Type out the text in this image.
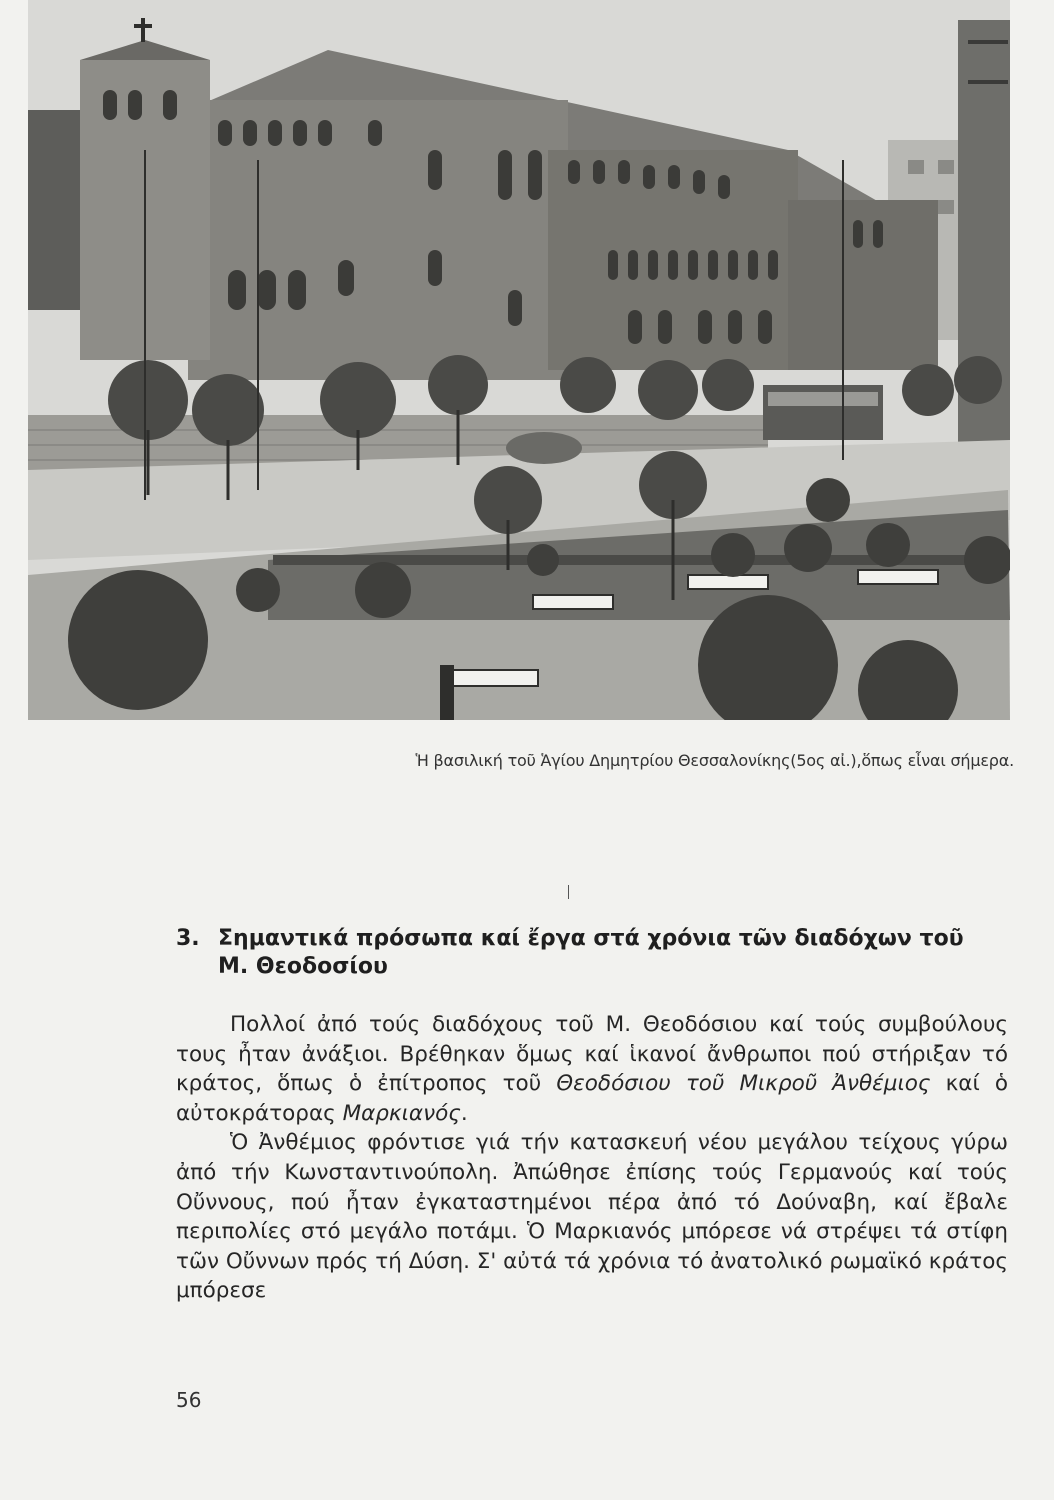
Ἡ βασιλική τοῦ Ἁγίου Δημητρίου Θεσσαλονίκης(5ος αἰ.),ὅπως εἶναι σήμερα.
3. Σημαντικά πρόσωπα καί ἔργα στά χρόνια τῶν διαδόχων τοῦ
Μ. Θεοδοσίου

Πολλοί ἀπό τούς διαδόχους τοῦ Μ. Θεοδόσιου καί τούς συμβούλους τους ἦταν ἀνάξιοι. Βρέθηκαν ὅμως καί ἱκανοί ἄνθρωποι πού στήριξαν τό κράτος, ὅπως ὁ ἐπίτροπος τοῦ Θεοδόσιου τοῦ Μικροῦ Ἀνθέμιος καί ὁ αὐτοκράτορας Μαρκιανός.

Ὁ Ἀνθέμιος φρόντισε γιά τήν κατασκευή νέου μεγάλου τείχους γύρω ἀπό τήν Κωνσταντινούπολη. Ἀπώθησε ἐπίσης τούς Γερμανούς καί τούς Οὔννους, πού ἦταν ἐγκαταστημένοι πέρα ἀπό τό Δούναβη, καί ἔβαλε περιπολίες στό μεγάλο ποτάμι. Ὁ Μαρκιανός μπόρεσε νά στρέψει τά στίφη τῶν Οὔννων πρός τή Δύση. Σ' αὐτά τά χρόνια τό ἀνατολικό ρωμαϊκό κράτος μπόρεσε

56
